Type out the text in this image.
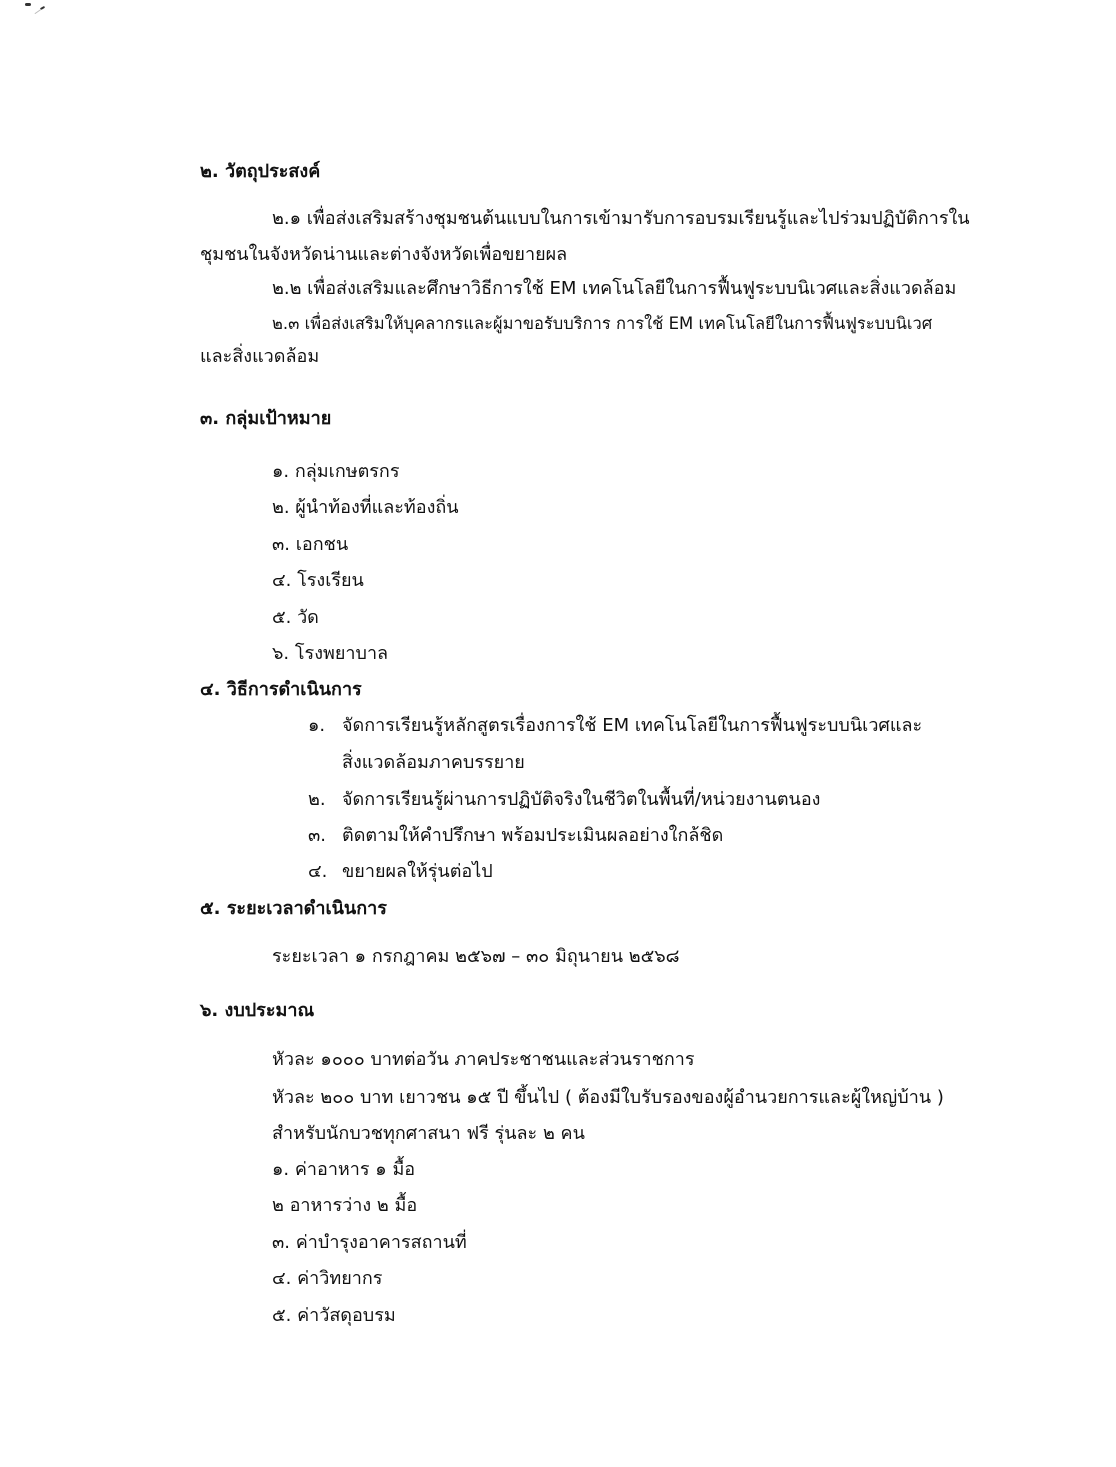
๒. วัตถุประสงค์
๒.๑ เพื่อส่งเสริมสร้างชุมชนต้นแบบในการเข้ามารับการอบรมเรียนรู้และไปร่วมปฏิบัติการใน
ชุมชนในจังหวัดน่านและต่างจังหวัดเพื่อขยายผล
๒.๒ เพื่อส่งเสริมและศึกษาวิธีการใช้ EM เทคโนโลยีในการฟื้นฟูระบบนิเวศและสิ่งแวดล้อม
๒.๓ เพื่อส่งเสริมให้บุคลากรและผู้มาขอรับบริการ การใช้ EM เทคโนโลยีในการฟื้นฟูระบบนิเวศ
และสิ่งแวดล้อม
๓. กลุ่มเป้าหมาย
๑. กลุ่มเกษตรกร
๒. ผู้นำท้องที่และท้องถิ่น
๓. เอกชน
๔. โรงเรียน
๕. วัด
๖. โรงพยาบาล
๔. วิธีการดำเนินการ
๑. จัดการเรียนรู้หลักสูตรเรื่องการใช้ EM เทคโนโลยีในการฟื้นฟูระบบนิเวศและ
สิ่งแวดล้อมภาคบรรยาย
๒. จัดการเรียนรู้ผ่านการปฏิบัติจริงในชีวิตในพื้นที่/หน่วยงานตนอง
๓. ติดตามให้คำปรึกษา พร้อมประเมินผลอย่างใกล้ชิด
๔. ขยายผลให้รุ่นต่อไป
๕. ระยะเวลาดำเนินการ
ระยะเวลา ๑ กรกฎาคม ๒๕๖๗ – ๓๐ มิถุนายน ๒๕๖๘
๖. งบประมาณ
หัวละ ๑๐๐๐ บาทต่อวัน ภาคประชาชนและส่วนราชการ
หัวละ ๒๐๐ บาท เยาวชน ๑๕ ปี ขึ้นไป ( ต้องมีใบรับรองของผู้อำนวยการและผู้ใหญ่บ้าน )
สำหรับนักบวชทุกศาสนา ฟรี รุ่นละ ๒ คน
๑. ค่าอาหาร ๑ มื้อ
๒ อาหารว่าง ๒ มื้อ
๓. ค่าบำรุงอาคารสถานที่
๔. ค่าวิทยากร
๕. ค่าวัสดุอบรม
